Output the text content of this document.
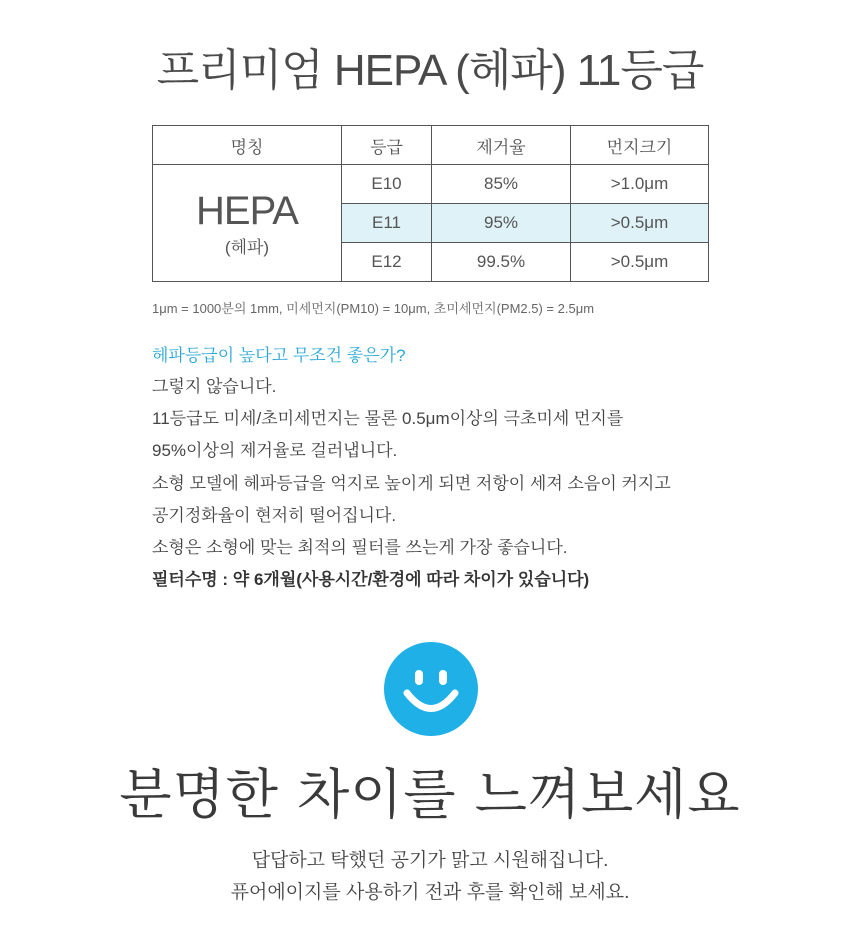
프리미엄 HEPA (헤파) 11등급
명칭	등급	제거율	먼지크기

HEPA
(헤파)	E10	85%	>1.0μm
	E11	95%	>0.5μm
	E12	99.5%	>0.5μm
1μm = 1000분의 1mm, 미세먼지(PM10) = 10μm, 초미세먼지(PM2.5) = 2.5μm
헤파등급이 높다고 무조건 좋은가?
그렇지 않습니다.
11등급도 미세/초미세먼지는 물론 0.5μm이상의 극초미세 먼지를
95%이상의 제거율로 걸러냅니다.
소형 모델에 헤파등급을 억지로 높이게 되면 저항이 세져 소음이 커지고
공기정화율이 현저히 떨어집니다.
소형은 소형에 맞는 최적의 필터를 쓰는게 가장 좋습니다.
필터수명 : 약 6개월(사용시간/환경에 따라 차이가 있습니다)
분명한 차이를 느껴보세요
답답하고 탁했던 공기가 맑고 시원해집니다.
퓨어에이지를 사용하기 전과 후를 확인해 보세요.
